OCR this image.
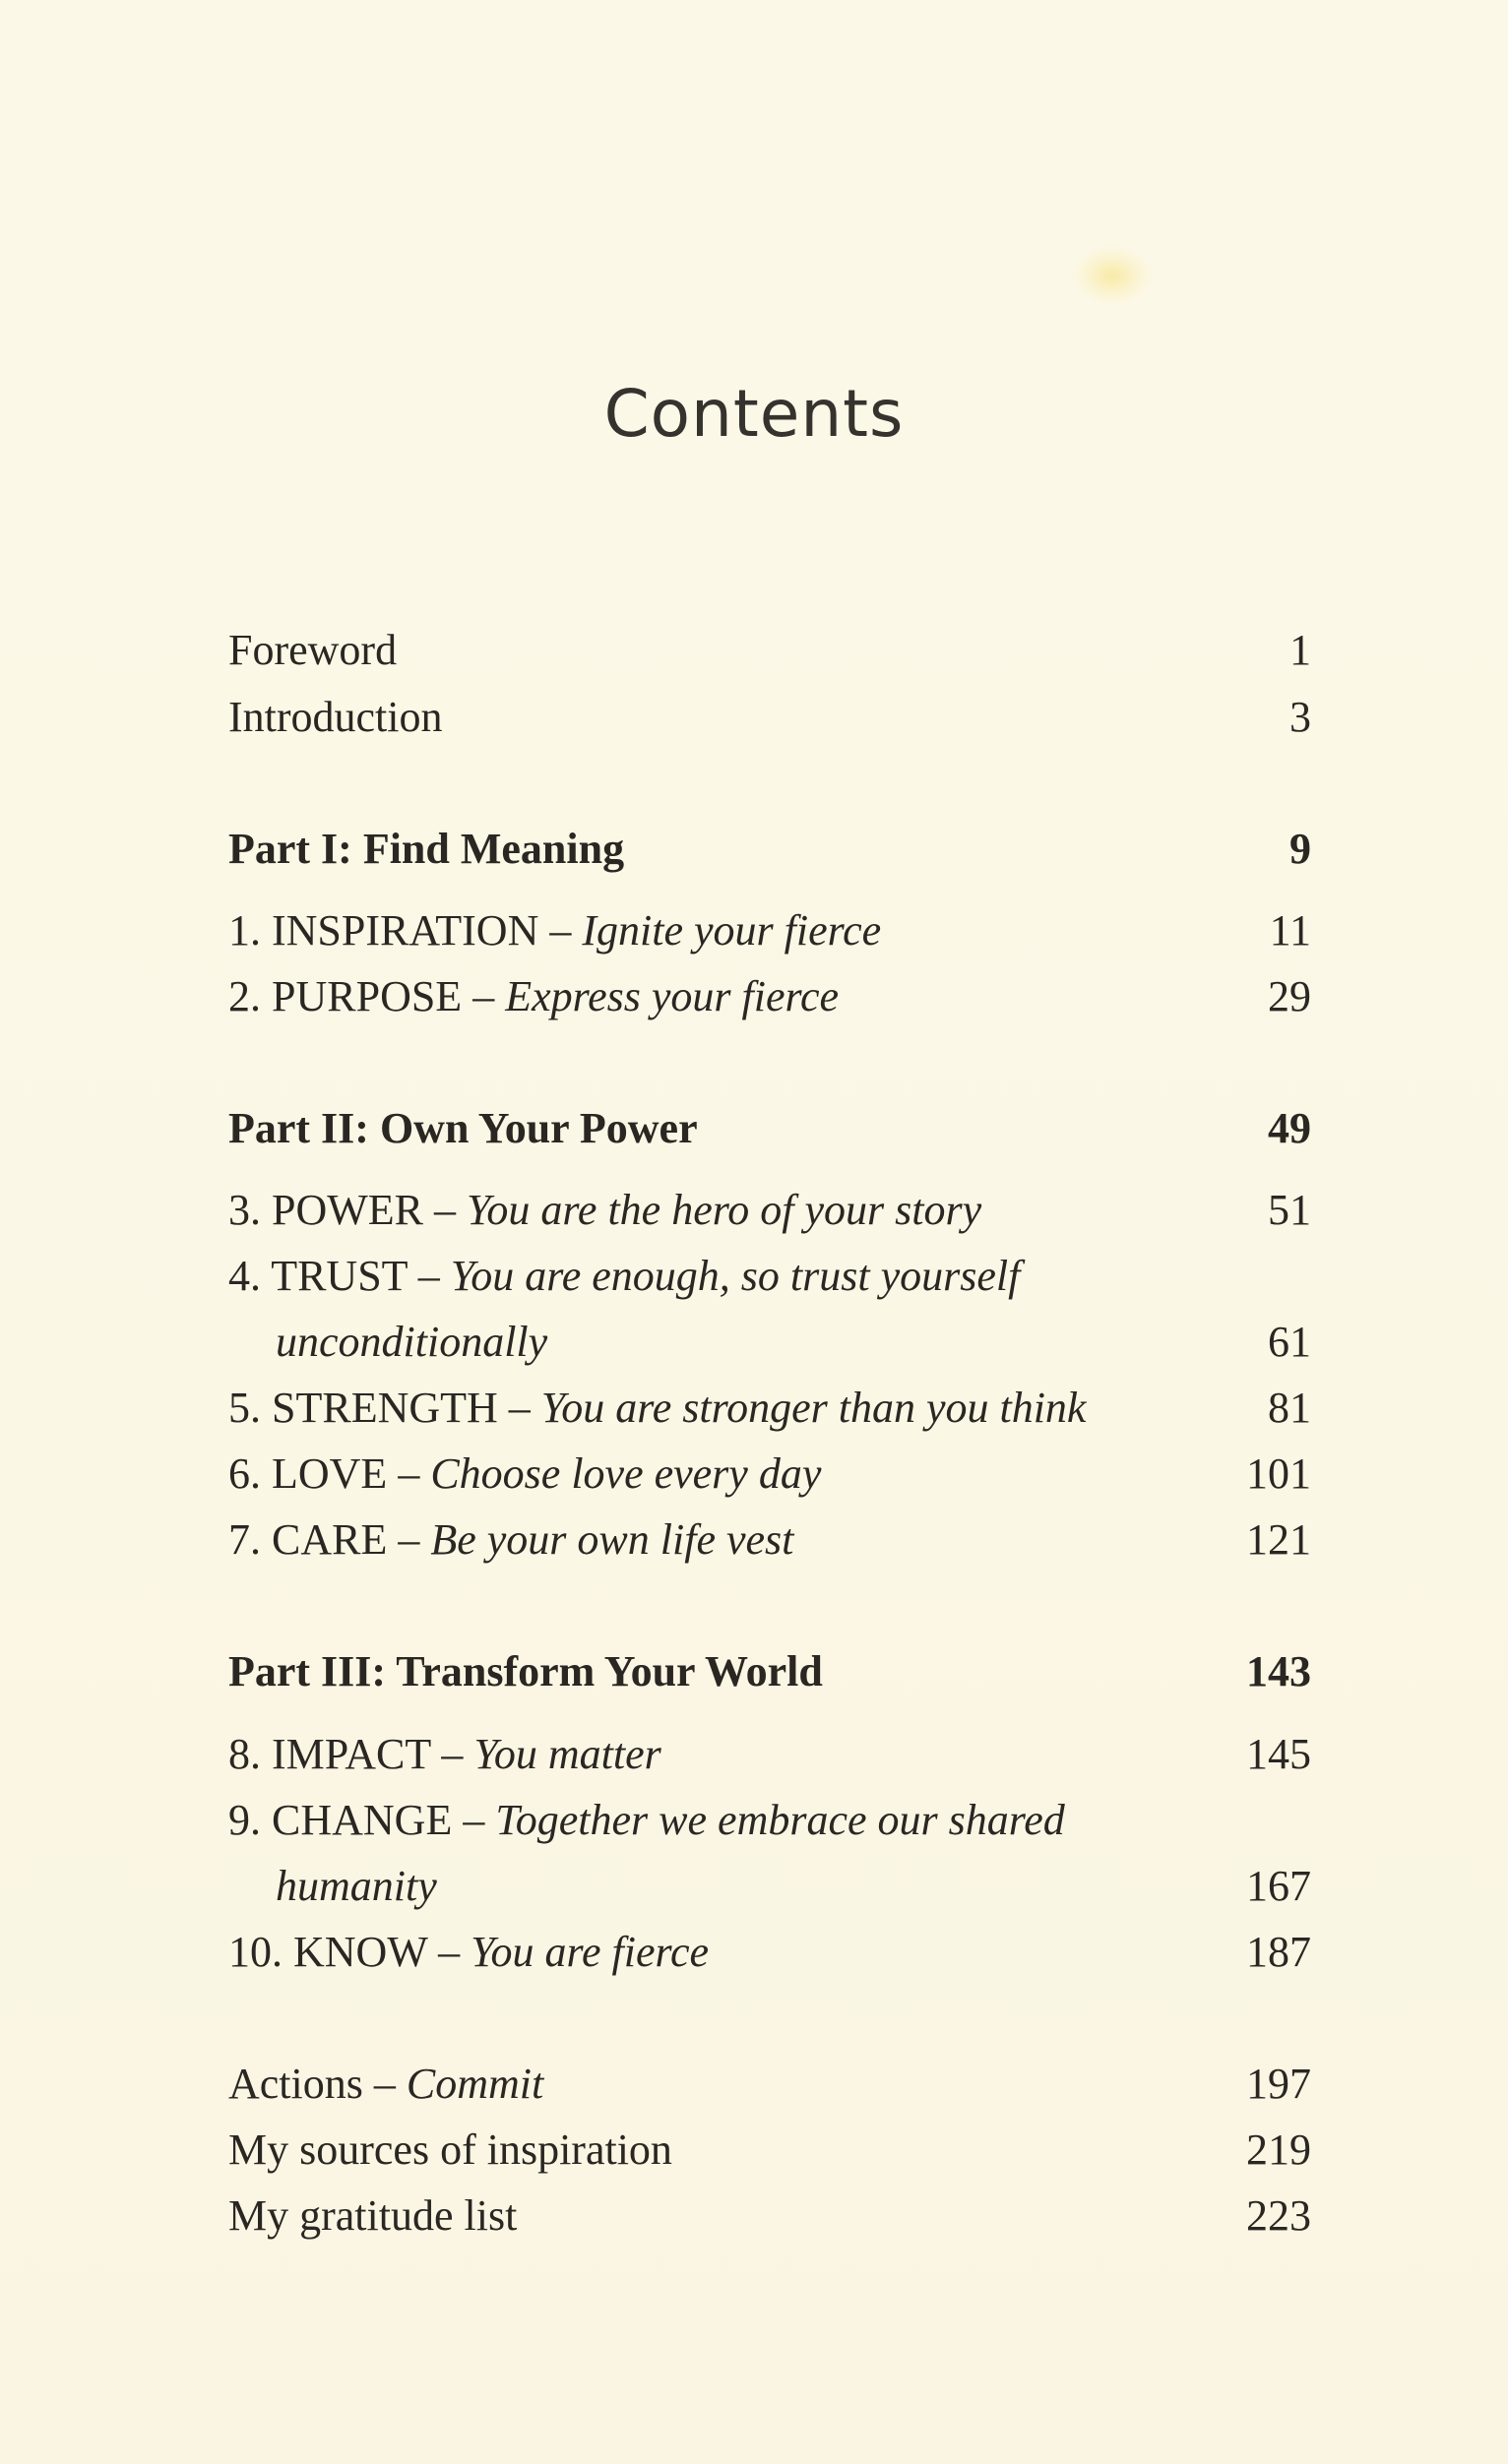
Contents
Foreword	1
Introduction	3
Part I: Find Meaning	9
1. INSPIRATION – Ignite your fierce	11
2. PURPOSE – Express your fierce	29
Part II: Own Your Power	49
3. POWER – You are the hero of your story	51
4. TRUST – You are enough, so trust yourself
unconditionally	61
5. STRENGTH – You are stronger than you think	81
6. LOVE – Choose love every day	101
7. CARE – Be your own life vest	121
Part III: Transform Your World	143
8. IMPACT – You matter	145
9. CHANGE – Together we embrace our shared
humanity	167
10. KNOW – You are fierce	187
Actions – Commit	197
My sources of inspiration	219
My gratitude list	223
